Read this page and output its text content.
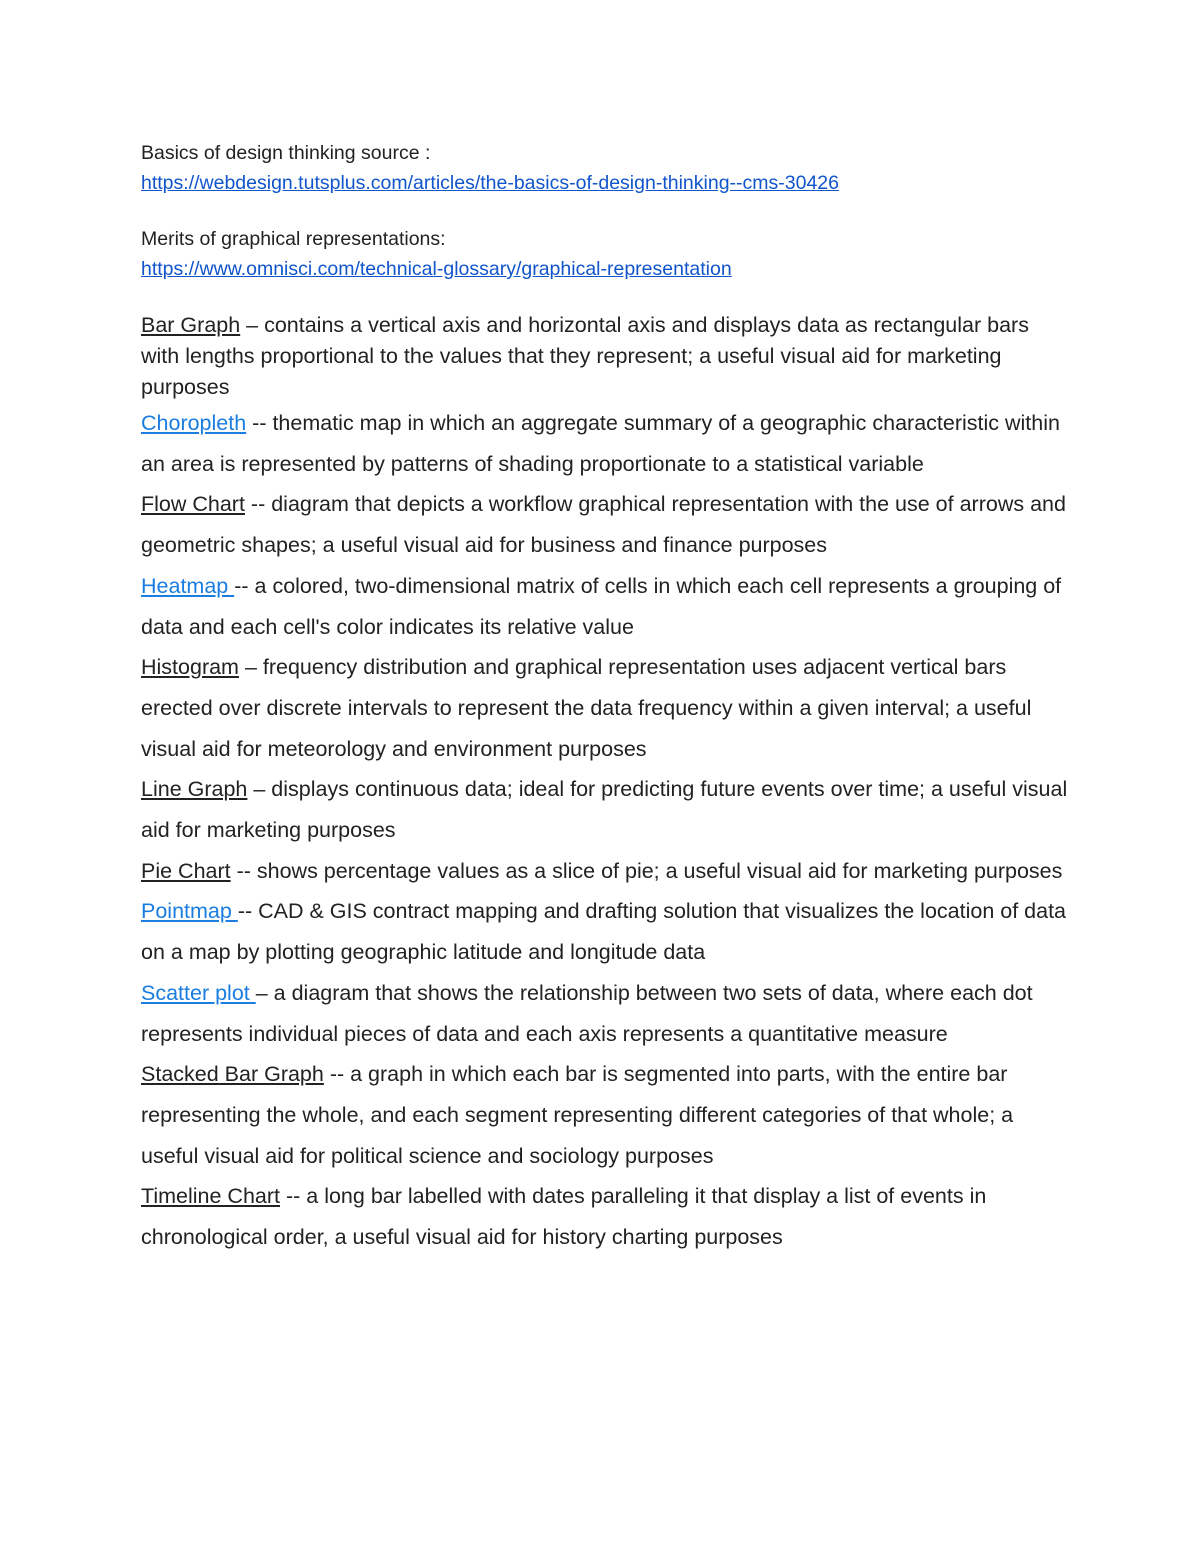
Basics of design thinking source :

https://webdesign.tutsplus.com/articles/the-basics-of-design-thinking--cms-30426

Merits of graphical representations:

https://www.omnisci.com/technical-glossary/graphical-representation

Bar Graph – contains a vertical axis and horizontal axis and displays data as rectangular bars with lengths proportional to the values that they represent; a useful visual aid for marketing purposes

Choropleth -- thematic map in which an aggregate summary of a geographic characteristic within an area is represented by patterns of shading proportionate to a statistical variable

Flow Chart -- diagram that depicts a workflow graphical representation with the use of arrows and geometric shapes; a useful visual aid for business and finance purposes

Heatmap -- a colored, two-dimensional matrix of cells in which each cell represents a grouping of data and each cell's color indicates its relative value

Histogram – frequency distribution and graphical representation uses adjacent vertical bars erected over discrete intervals to represent the data frequency within a given interval; a useful visual aid for meteorology and environment purposes

Line Graph – displays continuous data; ideal for predicting future events over time; a useful visual aid for marketing purposes

Pie Chart -- shows percentage values as a slice of pie; a useful visual aid for marketing purposes

Pointmap -- CAD & GIS contract mapping and drafting solution that visualizes the location of data on a map by plotting geographic latitude and longitude data

Scatter plot – a diagram that shows the relationship between two sets of data, where each dot represents individual pieces of data and each axis represents a quantitative measure

Stacked Bar Graph -- a graph in which each bar is segmented into parts, with the entire bar representing the whole, and each segment representing different categories of that whole; a useful visual aid for political science and sociology purposes

Timeline Chart -- a long bar labelled with dates paralleling it that display a list of events in chronological order, a useful visual aid for history charting purposes
